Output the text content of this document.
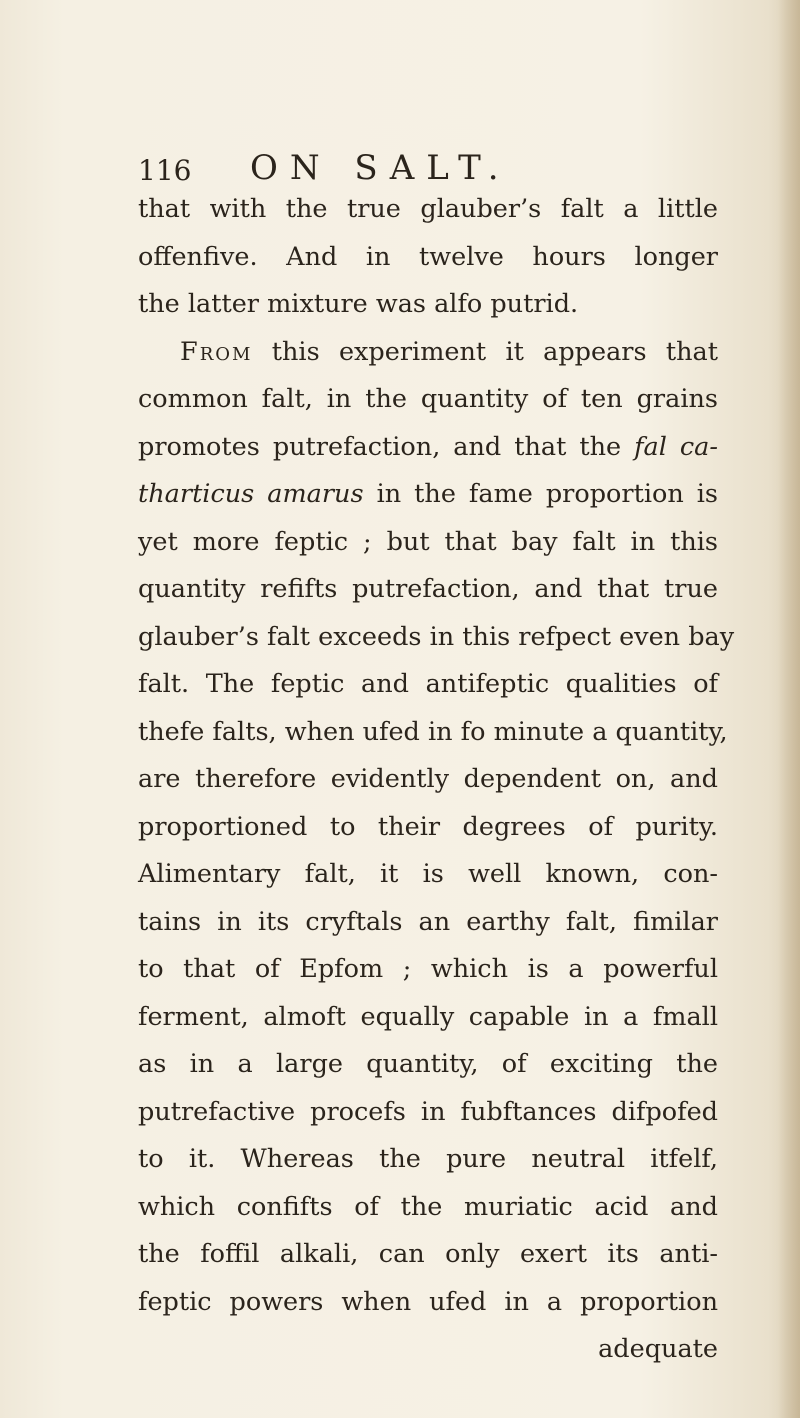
116 ON SALT.
that with the true glauber’s falt a little
offenfive. And in twelve hours longer
the latter mixture was alfo putrid.
From this experiment it appears that
common falt, in the quantity of ten grains
promotes putrefaction, and that the fal ca-
tharticus amarus in the fame proportion is
yet more feptic ; but that bay falt in this
quantity refifts putrefaction, and that true
glauber’s falt exceeds in this refpect even bay
falt. The feptic and antifeptic qualities of
thefe falts, when ufed in fo minute a quantity,
are therefore evidently dependent on, and
proportioned to their degrees of purity.
Alimentary falt, it is well known, con-
tains in its cryftals an earthy falt, fimilar
to that of Epfom ; which is a powerful
ferment, almoft equally capable in a fmall
as in a large quantity, of exciting the
putrefactive procefs in fubftances difpofed
to it. Whereas the pure neutral itfelf,
which confifts of the muriatic acid and
the foffil alkali, can only exert its anti-
feptic powers when ufed in a proportion
adequate
